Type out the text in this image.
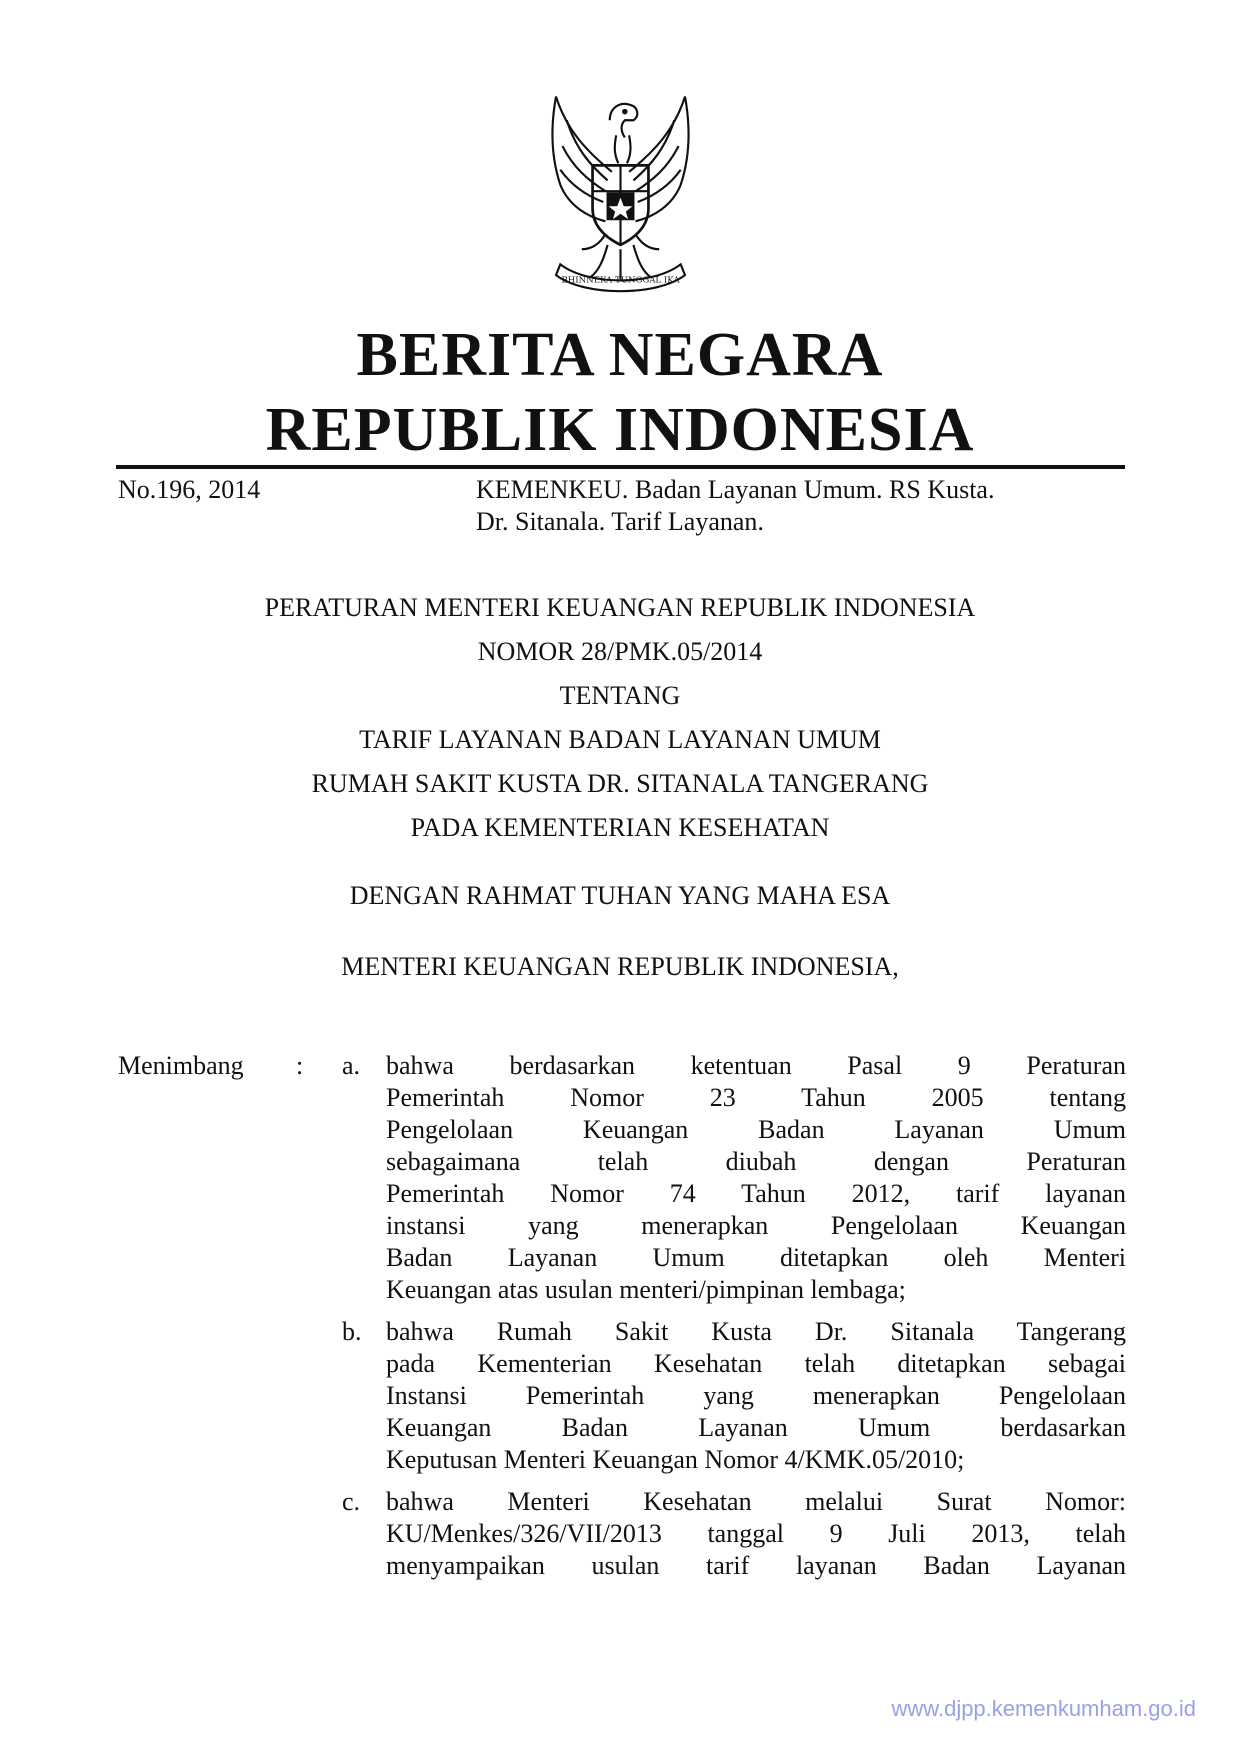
BHINNEKA TUNGGAL IKA
BERITA NEGARA
REPUBLIK INDONESIA
No.196, 2014	KEMENKEU. Badan Layanan Umum. RS Kusta.
Dr. Sitanala. Tarif Layanan.
PERATURAN MENTERI KEUANGAN REPUBLIK INDONESIA
NOMOR 28/PMK.05/2014
TENTANG
TARIF LAYANAN BADAN LAYANAN UMUM
RUMAH SAKIT KUSTA DR. SITANALA TANGERANG
PADA KEMENTERIAN KESEHATAN
DENGAN RAHMAT TUHAN YANG MAHA ESA
MENTERI KEUANGAN REPUBLIK INDONESIA,
Menimbang : a. bahwa berdasarkan ketentuan Pasal 9 Peraturan
Pemerintah Nomor 23 Tahun 2005 tentang
Pengelolaan Keuangan Badan Layanan Umum
sebagaimana telah diubah dengan Peraturan
Pemerintah Nomor 74 Tahun 2012, tarif layanan
instansi yang menerapkan Pengelolaan Keuangan
Badan Layanan Umum ditetapkan oleh Menteri
Keuangan atas usulan menteri/pimpinan lembaga;
b. bahwa Rumah Sakit Kusta Dr. Sitanala Tangerang
pada Kementerian Kesehatan telah ditetapkan sebagai
Instansi Pemerintah yang menerapkan Pengelolaan
Keuangan Badan Layanan Umum berdasarkan
Keputusan Menteri Keuangan Nomor 4/KMK.05/2010;
c. bahwa Menteri Kesehatan melalui Surat Nomor:
KU/Menkes/326/VII/2013 tanggal 9 Juli 2013, telah
menyampaikan usulan tarif layanan Badan Layanan
www.djpp.kemenkumham.go.id
